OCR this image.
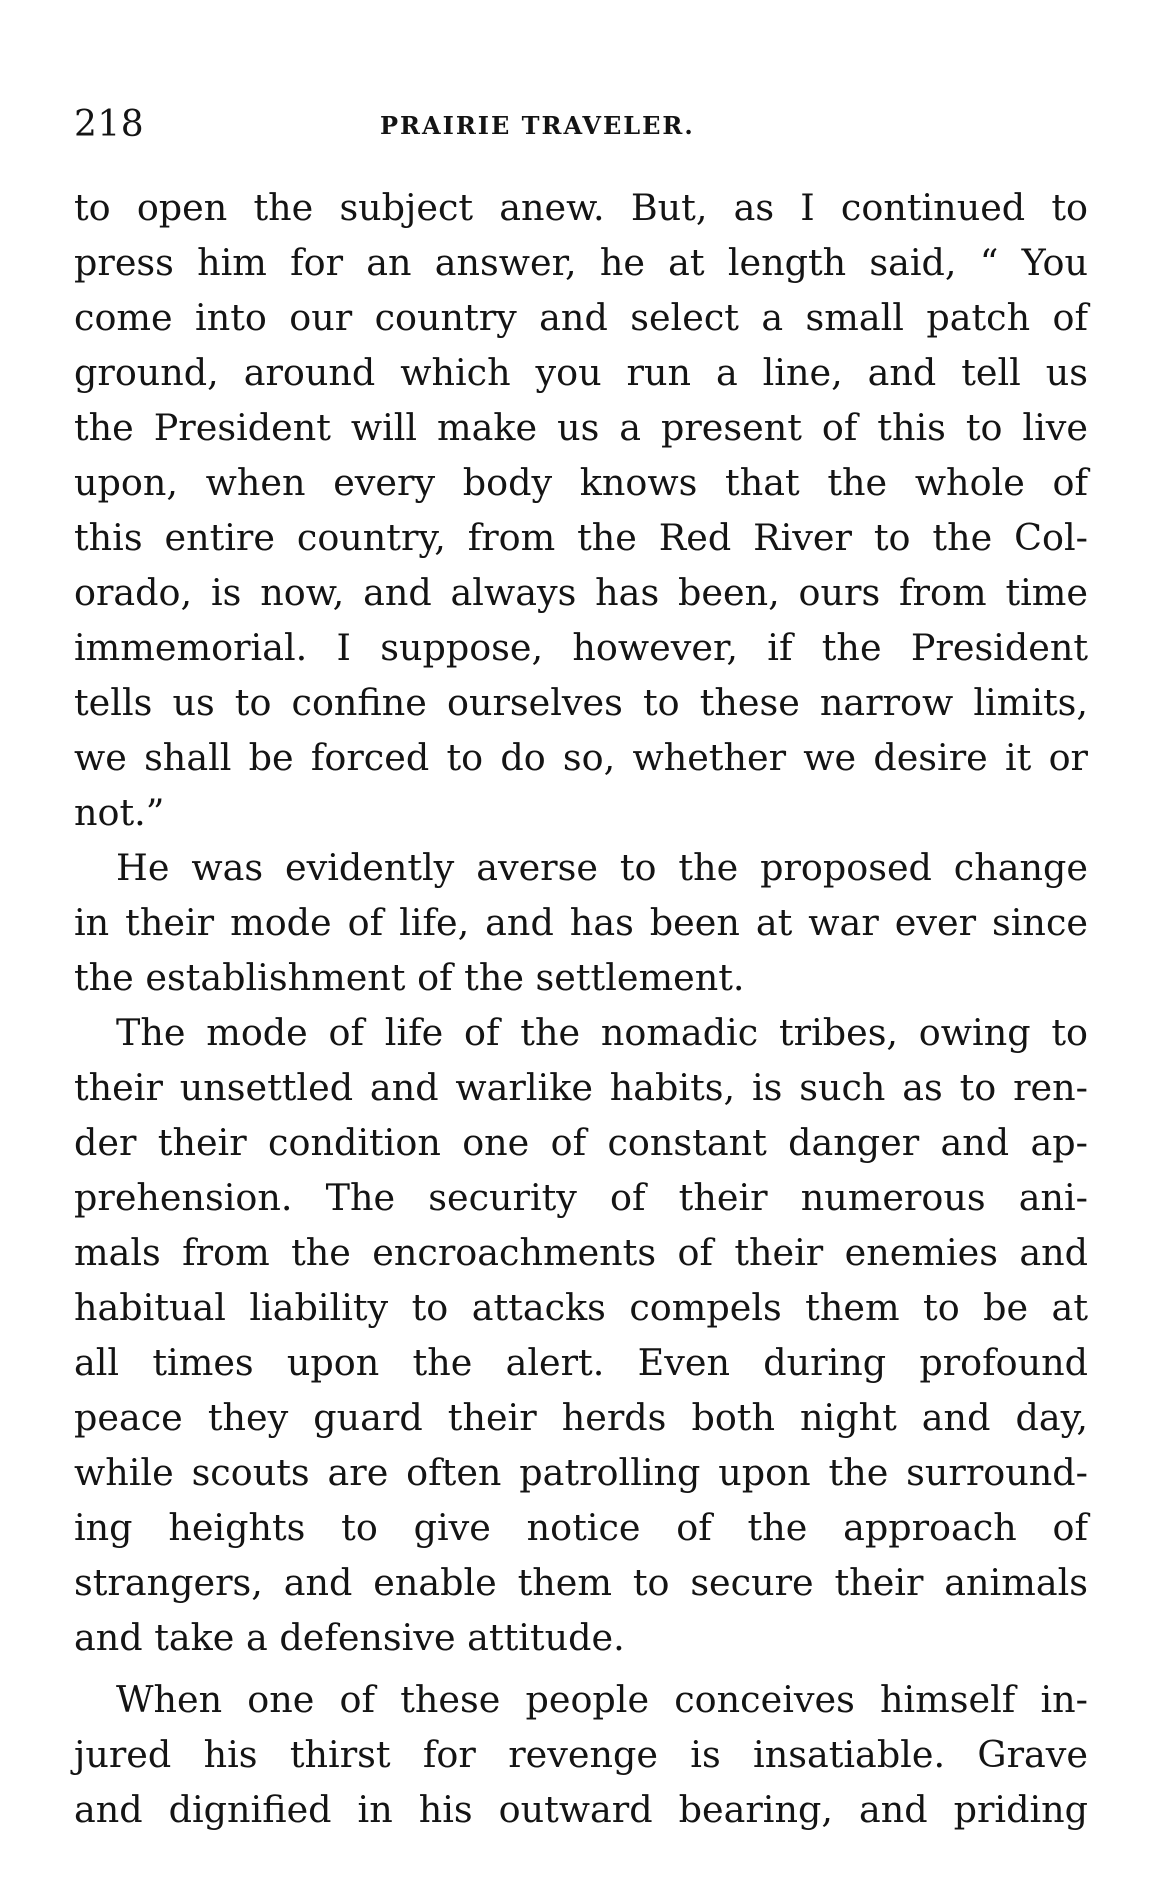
218	PRAIRIE TRAVELER.
to open the subject anew. But, as I continued to
press him for an answer, he at length said, “ You
come into our country and select a small patch of
ground, around which you run a line, and tell us
the President will make us a present of this to live
upon, when every body knows that the whole of
this entire country, from the Red River to the Col-
orado, is now, and always has been, ours from time
immemorial. I suppose, however, if the President
tells us to confine ourselves to these narrow limits,
we shall be forced to do so, whether we desire it or
not.”
He was evidently averse to the proposed change
in their mode of life, and has been at war ever since
the establishment of the settlement.
The mode of life of the nomadic tribes, owing to
their unsettled and warlike habits, is such as to ren-
der their condition one of constant danger and ap-
prehension. The security of their numerous ani-
mals from the encroachments of their enemies and
habitual liability to attacks compels them to be at
all times upon the alert. Even during profound
peace they guard their herds both night and day,
while scouts are often patrolling upon the surround-
ing heights to give notice of the approach of
strangers, and enable them to secure their animals
and take a defensive attitude.
When one of these people conceives himself in-
jured his thirst for revenge is insatiable. Grave
and dignified in his outward bearing, and priding
